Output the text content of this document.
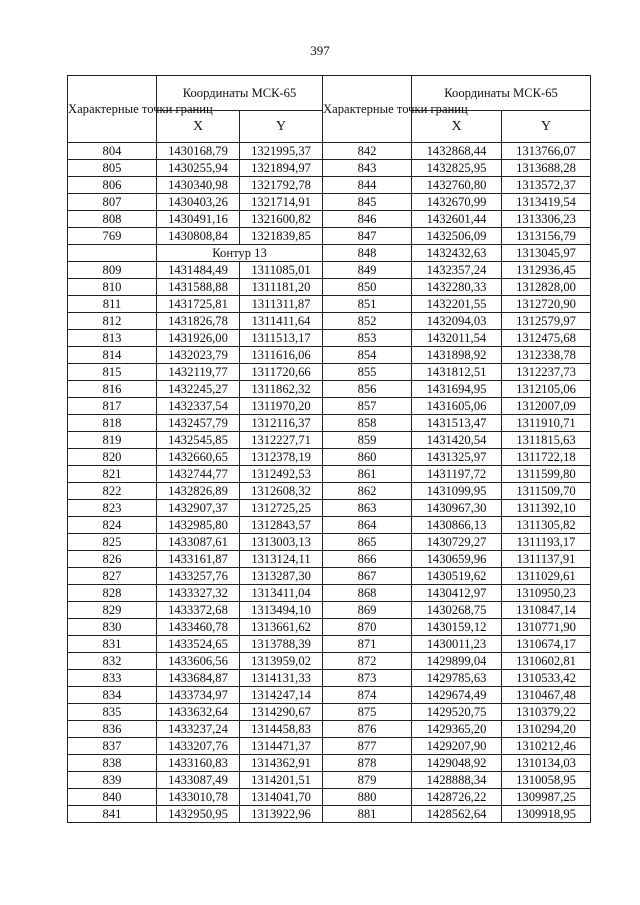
397
Характерные точки границ	Координаты МСК-65		Характерные точки границ	Координаты МСК-65	
	X	Y		X	Y
804	1430168,79	1321995,37	842	1432868,44	1313766,07
805	1430255,94	1321894,97	843	1432825,95	1313688,28
806	1430340,98	1321792,78	844	1432760,80	1313572,37
807	1430403,26	1321714,91	845	1432670,99	1313419,54
808	1430491,16	1321600,82	846	1432601,44	1313306,23
769	1430808,84	1321839,85	847	1432506,09	1313156,79
	Контур 13		848	1432432,63	1313045,97
809	1431484,49	1311085,01	849	1432357,24	1312936,45
810	1431588,88	1311181,20	850	1432280,33	1312828,00
811	1431725,81	1311311,87	851	1432201,55	1312720,90
812	1431826,78	1311411,64	852	1432094,03	1312579,97
813	1431926,00	1311513,17	853	1432011,54	1312475,68
814	1432023,79	1311616,06	854	1431898,92	1312338,78
815	1432119,77	1311720,66	855	1431812,51	1312237,73
816	1432245,27	1311862,32	856	1431694,95	1312105,06
817	1432337,54	1311970,20	857	1431605,06	1312007,09
818	1432457,79	1312116,37	858	1431513,47	1311910,71
819	1432545,85	1312227,71	859	1431420,54	1311815,63
820	1432660,65	1312378,19	860	1431325,97	1311722,18
821	1432744,77	1312492,53	861	1431197,72	1311599,80
822	1432826,89	1312608,32	862	1431099,95	1311509,70
823	1432907,37	1312725,25	863	1430967,30	1311392,10
824	1432985,80	1312843,57	864	1430866,13	1311305,82
825	1433087,61	1313003,13	865	1430729,27	1311193,17
826	1433161,87	1313124,11	866	1430659,96	1311137,91
827	1433257,76	1313287,30	867	1430519,62	1311029,61
828	1433327,32	1313411,04	868	1430412,97	1310950,23
829	1433372,68	1313494,10	869	1430268,75	1310847,14
830	1433460,78	1313661,62	870	1430159,12	1310771,90
831	1433524,65	1313788,39	871	1430011,23	1310674,17
832	1433606,56	1313959,02	872	1429899,04	1310602,81
833	1433684,87	1314131,33	873	1429785,63	1310533,42
834	1433734,97	1314247,14	874	1429674,49	1310467,48
835	1433632,64	1314290,67	875	1429520,75	1310379,22
836	1433237,24	1314458,83	876	1429365,20	1310294,20
837	1433207,76	1314471,37	877	1429207,90	1310212,46
838	1433160,83	1314362,91	878	1429048,92	1310134,03
839	1433087,49	1314201,51	879	1428888,34	1310058,95
840	1433010,78	1314041,70	880	1428726,22	1309987,25
841	1432950,95	1313922,96	881	1428562,64	1309918,95
